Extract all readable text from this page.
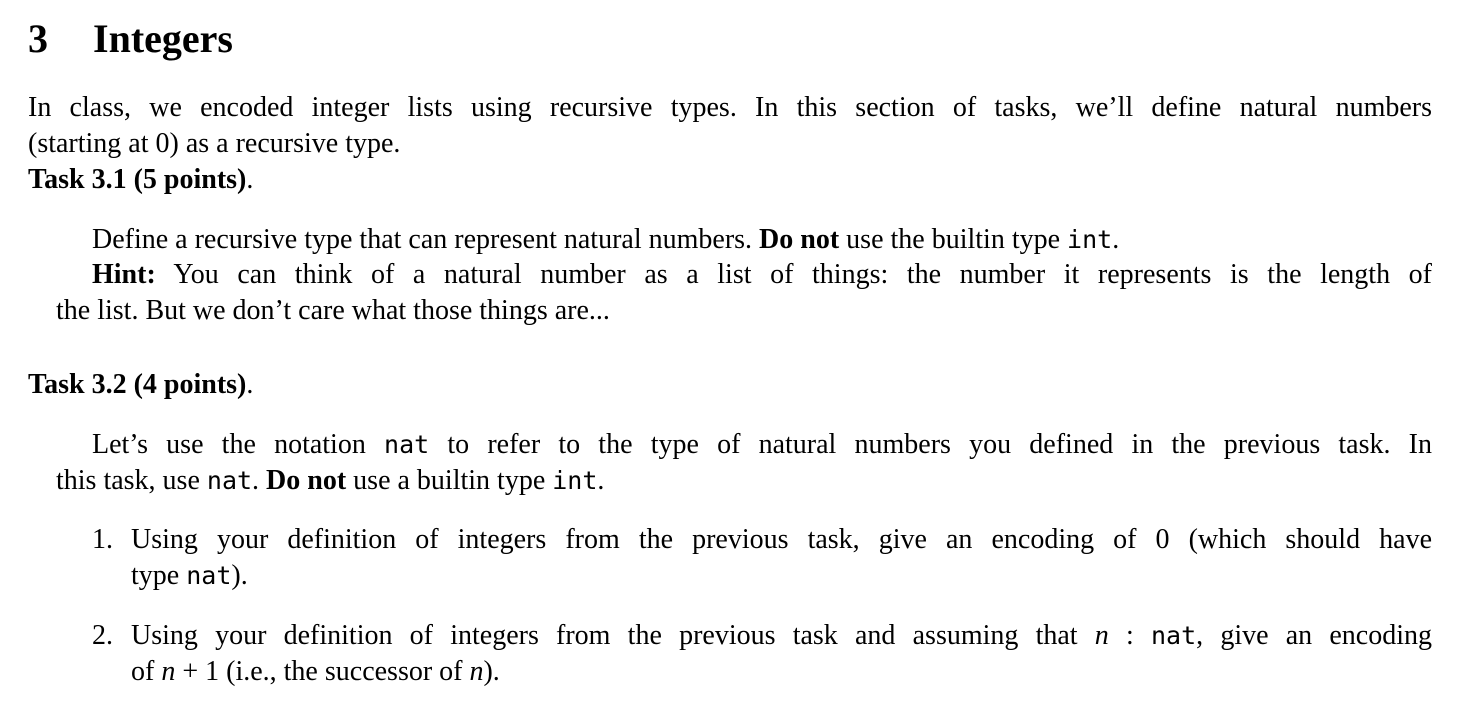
3 Integers
In class, we encoded integer lists using recursive types. In this section of tasks, we’ll define natural numbers
(starting at 0) as a recursive type.
Task 3.1 (5 points).
Define a recursive type that can represent natural numbers. Do not use the builtin type int.
Hint: You can think of a natural number as a list of things: the number it represents is the length of
the list. But we don’t care what those things are...
Task 3.2 (4 points).
Let’s use the notation nat to refer to the type of natural numbers you defined in the previous task. In
this task, use nat. Do not use a builtin type int.
1. Using your definition of integers from the previous task, give an encoding of 0 (which should have
type nat).
2. Using your definition of integers from the previous task and assuming that n : nat, give an encoding
of n + 1 (i.e., the successor of n).
